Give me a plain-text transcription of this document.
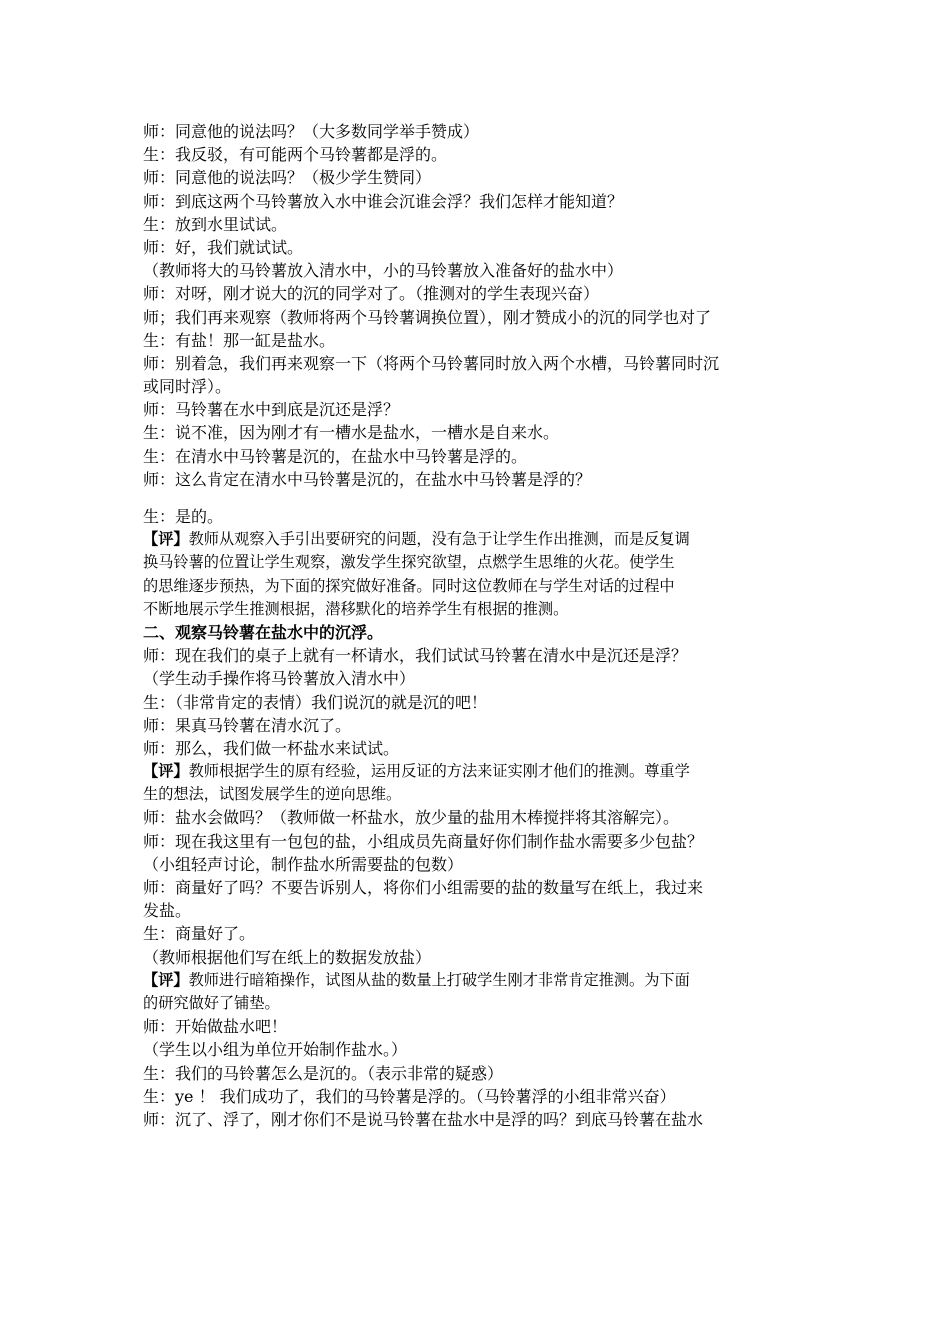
师：同意他的说法吗？（大多数同学举手赞成）
生：我反驳，有可能两个马铃薯都是浮的。
师：同意他的说法吗？（极少学生赞同）
师：到底这两个马铃薯放入水中谁会沉谁会浮？我们怎样才能知道？
生：放到水里试试。
师：好，我们就试试。
（教师将大的马铃薯放入清水中，小的马铃薯放入准备好的盐水中）
师：对呀，刚才说大的沉的同学对了。（推测对的学生表现兴奋）
师；我们再来观察（教师将两个马铃薯调换位置），刚才赞成小的沉的同学也对了
生：有盐！那一缸是盐水。
师：别着急，我们再来观察一下（将两个马铃薯同时放入两个水槽，马铃薯同时沉
或同时浮）。
师：马铃薯在水中到底是沉还是浮？
生：说不准，因为刚才有一槽水是盐水，一槽水是自来水。
生：在清水中马铃薯是沉的，在盐水中马铃薯是浮的。
师：这么肯定在清水中马铃薯是沉的，在盐水中马铃薯是浮的？
生：是的。
【评】教师从观察入手引出要研究的问题，没有急于让学生作出推测，而是反复调
换马铃薯的位置让学生观察，激发学生探究欲望，点燃学生思维的火花。使学生
的思维逐步预热，为下面的探究做好准备。同时这位教师在与学生对话的过程中
不断地展示学生推测根据，潜移默化的培养学生有根据的推测。
二、观察马铃薯在盐水中的沉浮。
师：现在我们的桌子上就有一杯请水，我们试试马铃薯在清水中是沉还是浮？
（学生动手操作将马铃薯放入清水中）
生：（非常肯定的表情）我们说沉的就是沉的吧！
师：果真马铃薯在清水沉了。
师：那么，我们做一杯盐水来试试。
【评】教师根据学生的原有经验，运用反证的方法来证实刚才他们的推测。尊重学
生的想法，试图发展学生的逆向思维。
师：盐水会做吗？（教师做一杯盐水，放少量的盐用木棒搅拌将其溶解完）。
师：现在我这里有一包包的盐，小组成员先商量好你们制作盐水需要多少包盐？
（小组轻声讨论，制作盐水所需要盐的包数）
师：商量好了吗？不要告诉别人，将你们小组需要的盐的数量写在纸上，我过来
发盐。
生：商量好了。
（教师根据他们写在纸上的数据发放盐）
【评】教师进行暗箱操作，试图从盐的数量上打破学生刚才非常肯定推测。为下面
的研究做好了铺垫。
师：开始做盐水吧！
（学生以小组为单位开始制作盐水。）
生：我们的马铃薯怎么是沉的。（表示非常的疑惑）
生：ye ！ 我们成功了，我们的马铃薯是浮的。（马铃薯浮的小组非常兴奋）
师：沉了、浮了，刚才你们不是说马铃薯在盐水中是浮的吗？到底马铃薯在盐水
